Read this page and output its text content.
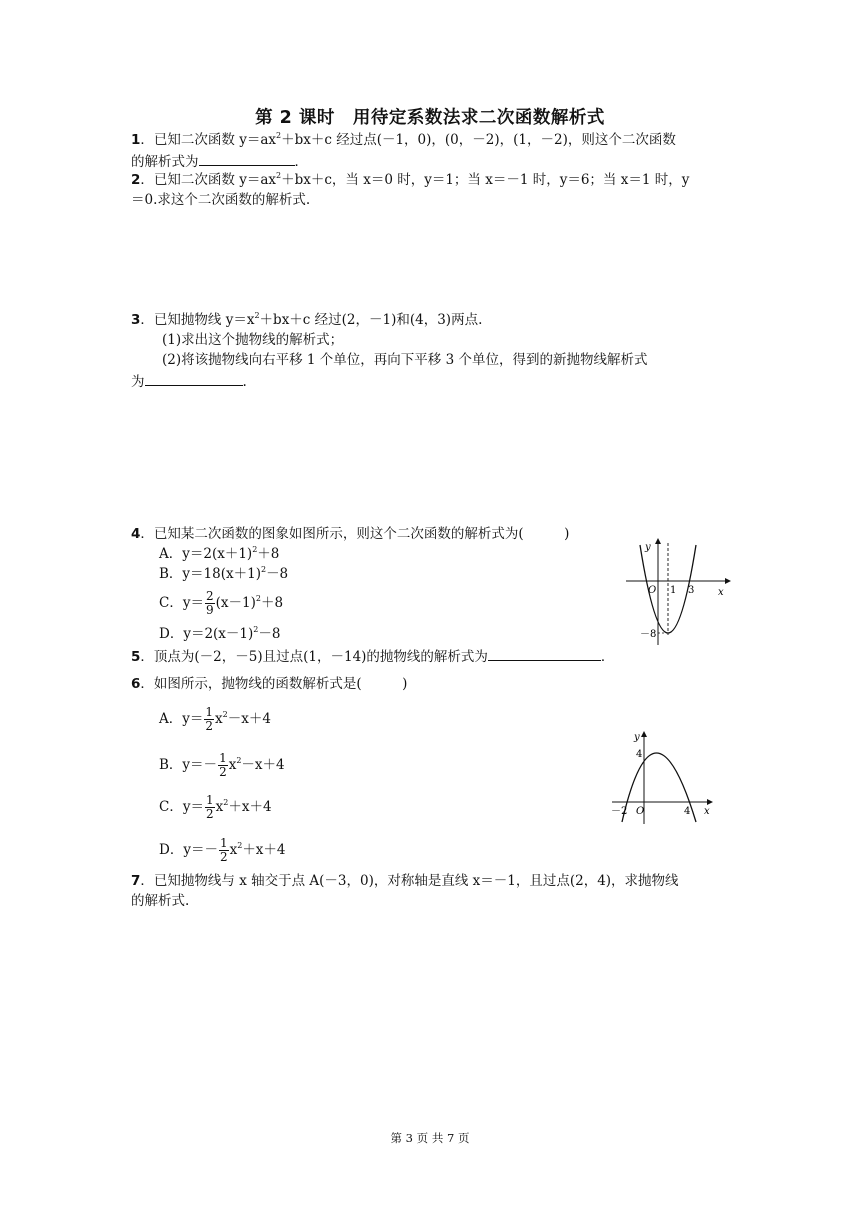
第 2 课时　用待定系数法求二次函数解析式
1．已知二次函数 $y=ax^2+bx+c$ 经过点(－1，0)，(0，－2)，(1，－2)，则这个二次函数
的解析式为	．
2．已知二次函数 $y=ax^2+bx+c$，当 x＝0 时，y＝1；当 x＝－1 时，y＝6；当 x＝1 时，y
＝0.求这个二次函数的解析式.
3．已知抛物线 $y=x^2+bx+c$ 经过(2，－1)和(4，3)两点.
(1)求出这个抛物线的解析式；
(2)将该抛物线向右平移 1 个单位，再向下平移 3 个单位，得到的新抛物线解析式
为	.
4．已知某二次函数的图象如图所示，则这个二次函数的解析式为(　　　)
A．$y=2(x+1)^2+8$
B．$y=18(x+1)^2-8$
C．$y= \frac{2}{9} (x-1)^2+8$
D．$y=2(x-1)^2-8$
y
x
O 1 3
－8
5．顶点为(－2，－5)且过点(1，－14)的抛物线的解析式为	．
6．如图所示，抛物线的函数解析式是(　　　)
A．$y= \frac{1}{2} x^2-x+4$
B．$y=- \frac{1}{2} x^2-x+4$
C．$y= \frac{1}{2} x^2+x+4$
D．$y=- \frac{1}{2} x^2+x+4$
y
x
O
－2	4
4
7．已知抛物线与 x 轴交于点 A(－3，0)，对称轴是直线 x＝－1，且过点(2，4)，求抛物线
的解析式.
第 3 页 共 7 页
